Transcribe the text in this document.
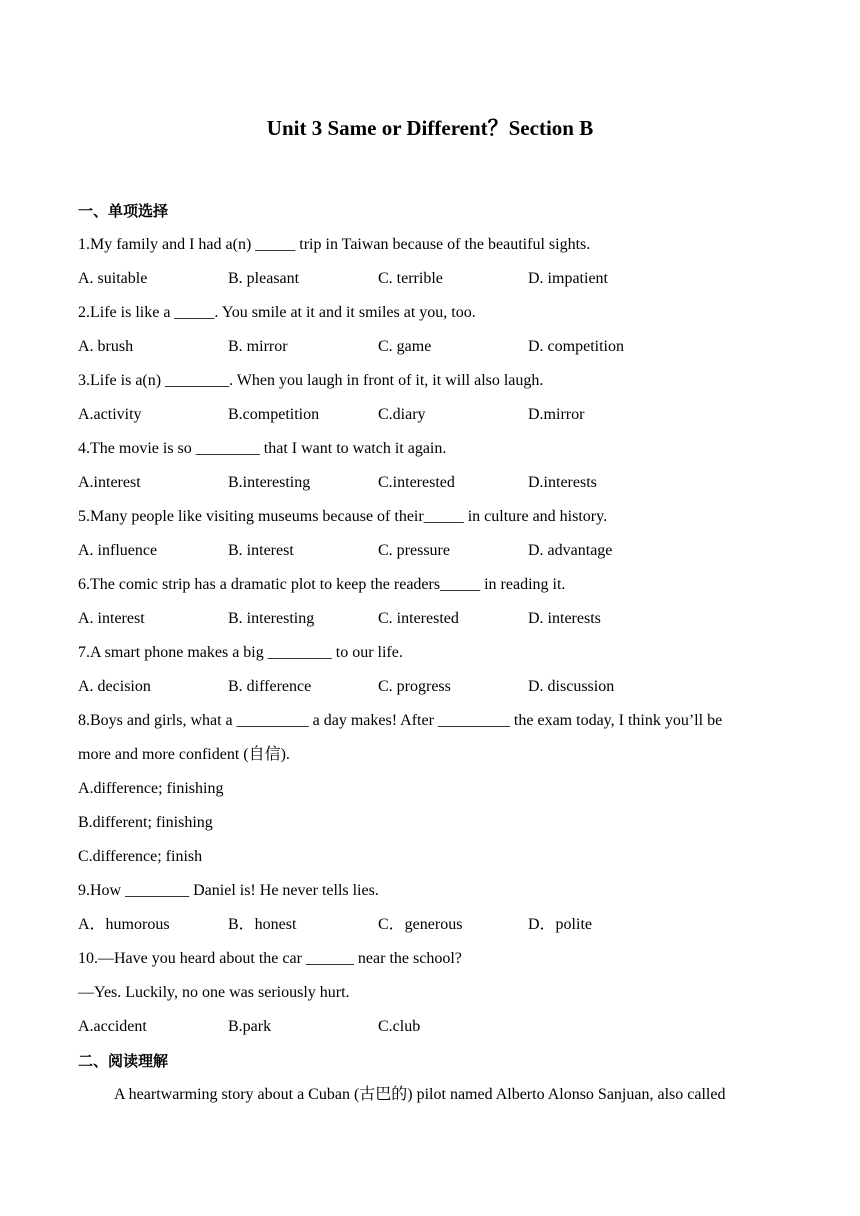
Unit 3 Same or Different？Section B
一、单项选择
1.My family and I had a(n) _____ trip in Taiwan because of the beautiful sights.
A. suitable	B. pleasant	C. terrible	D. impatient
2.Life is like a _____. You smile at it and it smiles at you, too.
A. brush	B. mirror	C. game	D. competition
3.Life is a(n) ________. When you laugh in front of it, it will also laugh.
A.activity	B.competition	C.diary	D.mirror
4.The movie is so ________ that I want to watch it again.
A.interest	B.interesting	C.interested	D.interests
5.Many people like visiting museums because of their_____ in culture and history.
A. influence	B. interest	C. pressure	D. advantage
6.The comic strip has a dramatic plot to keep the readers_____ in reading it.
A. interest	B. interesting	C. interested	D. interests
7.A smart phone makes a big ________ to our life.
A. decision	B. difference	C. progress	D. discussion
8.Boys and girls, what a _________ a day makes! After _________ the exam today, I think you’ll be
more and more confident (自信).
A.difference; finishing
B.different; finishing
C.difference; finish
9.How ________ Daniel is! He never tells lies.
A．humorous	B．honest	C．generous	D．polite
10.—Have you heard about the car ______ near the school?
—Yes. Luckily, no one was seriously hurt.
A.accident	B.park	C.club
二、阅读理解
A heartwarming story about a Cuban (古巴的) pilot named Alberto Alonso Sanjuan, also called
